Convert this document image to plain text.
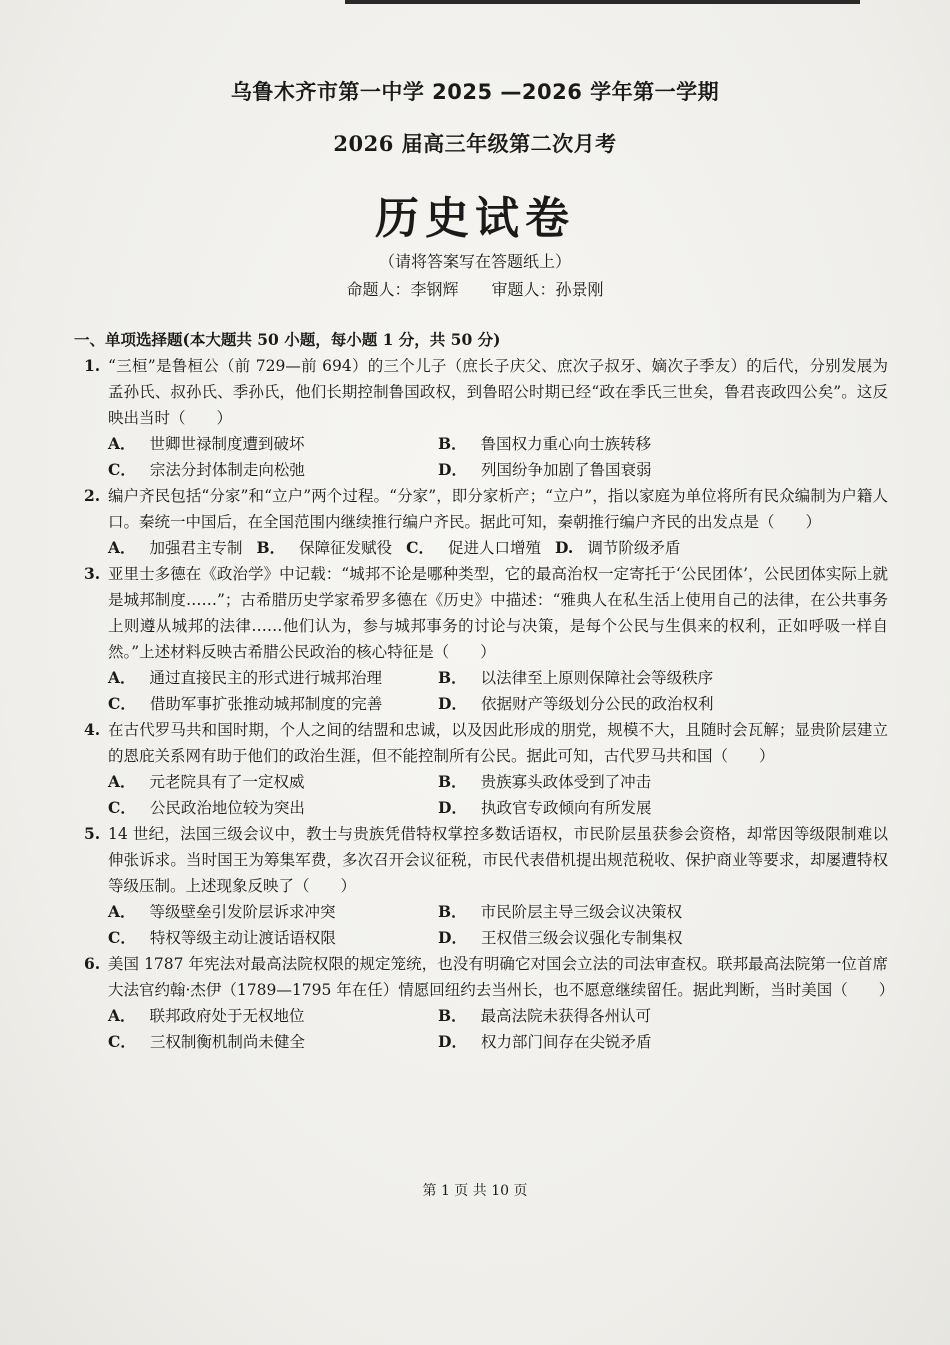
乌鲁木齐市第一中学 2025 —2026 学年第一学期
2026 届高三年级第二次月考
历史试卷
（请将答案写在答题纸上）
命题人：李钢辉 审题人：孙景刚
一、单项选择题(本大题共 50 小题，每小题 1 分，共 50 分)
1. “三桓”是鲁桓公（前 729—前 694）的三个儿子（庶长子庆父、庶次子叔牙、嫡次子季友）的后代，分别发展为孟孙氏、叔孙氏、季孙氏，他们长期控制鲁国政权，到鲁昭公时期已经“政在季氏三世矣，鲁君丧政四公矣”。这反映出当时（　　）
A． 世卿世禄制度遭到破坏	B． 鲁国权力重心向士族转移
C． 宗法分封体制走向松弛	D． 列国纷争加剧了鲁国衰弱
2. 编户齐民包括“分家”和“立户”两个过程。“分家”，即分家析产；“立户”，指以家庭为单位将所有民众编制为户籍人口。秦统一中国后，在全国范围内继续推行编户齐民。据此可知，秦朝推行编户齐民的出发点是（　　）
A． 加强君主专制 B． 保障征发赋役 C． 促进人口增殖 D. 调节阶级矛盾
3. 亚里士多德在《政治学》中记载：“城邦不论是哪种类型，它的最高治权一定寄托于‘公民团体’，公民团体实际上就是城邦制度……”；古希腊历史学家希罗多德在《历史》中描述：“雅典人在私生活上使用自己的法律，在公共事务上则遵从城邦的法律……他们认为，参与城邦事务的讨论与决策，是每个公民与生俱来的权利，正如呼吸一样自然。”上述材料反映古希腊公民政治的核心特征是（　　）
A． 通过直接民主的形式进行城邦治理	B． 以法律至上原则保障社会等级秩序
C． 借助军事扩张推动城邦制度的完善	D． 依据财产等级划分公民的政治权利
4. 在古代罗马共和国时期，个人之间的结盟和忠诚，以及因此形成的朋党，规模不大，且随时会瓦解；显贵阶层建立的恩庇关系网有助于他们的政治生涯，但不能控制所有公民。据此可知，古代罗马共和国（　　）
A． 元老院具有了一定权威	B． 贵族寡头政体受到了冲击
C． 公民政治地位较为突出	D． 执政官专政倾向有所发展
5. 14 世纪，法国三级会议中，教士与贵族凭借特权掌控多数话语权，市民阶层虽获参会资格，却常因等级限制难以伸张诉求。当时国王为筹集军费，多次召开会议征税，市民代表借机提出规范税收、保护商业等要求，却屡遭特权等级压制。上述现象反映了（　　）
A． 等级壁垒引发阶层诉求冲突	B． 市民阶层主导三级会议决策权
C． 特权等级主动让渡话语权限	D． 王权借三级会议强化专制集权
6. 美国 1787 年宪法对最高法院权限的规定笼统，也没有明确它对国会立法的司法审查权。联邦最高法院第一位首席大法官约翰·杰伊（1789—1795 年在任）情愿回纽约去当州长，也不愿意继续留任。据此判断，当时美国（　　）
A． 联邦政府处于无权地位	B． 最高法院未获得各州认可
C． 三权制衡机制尚未健全	D． 权力部门间存在尖锐矛盾
第 1 页 共 10 页
